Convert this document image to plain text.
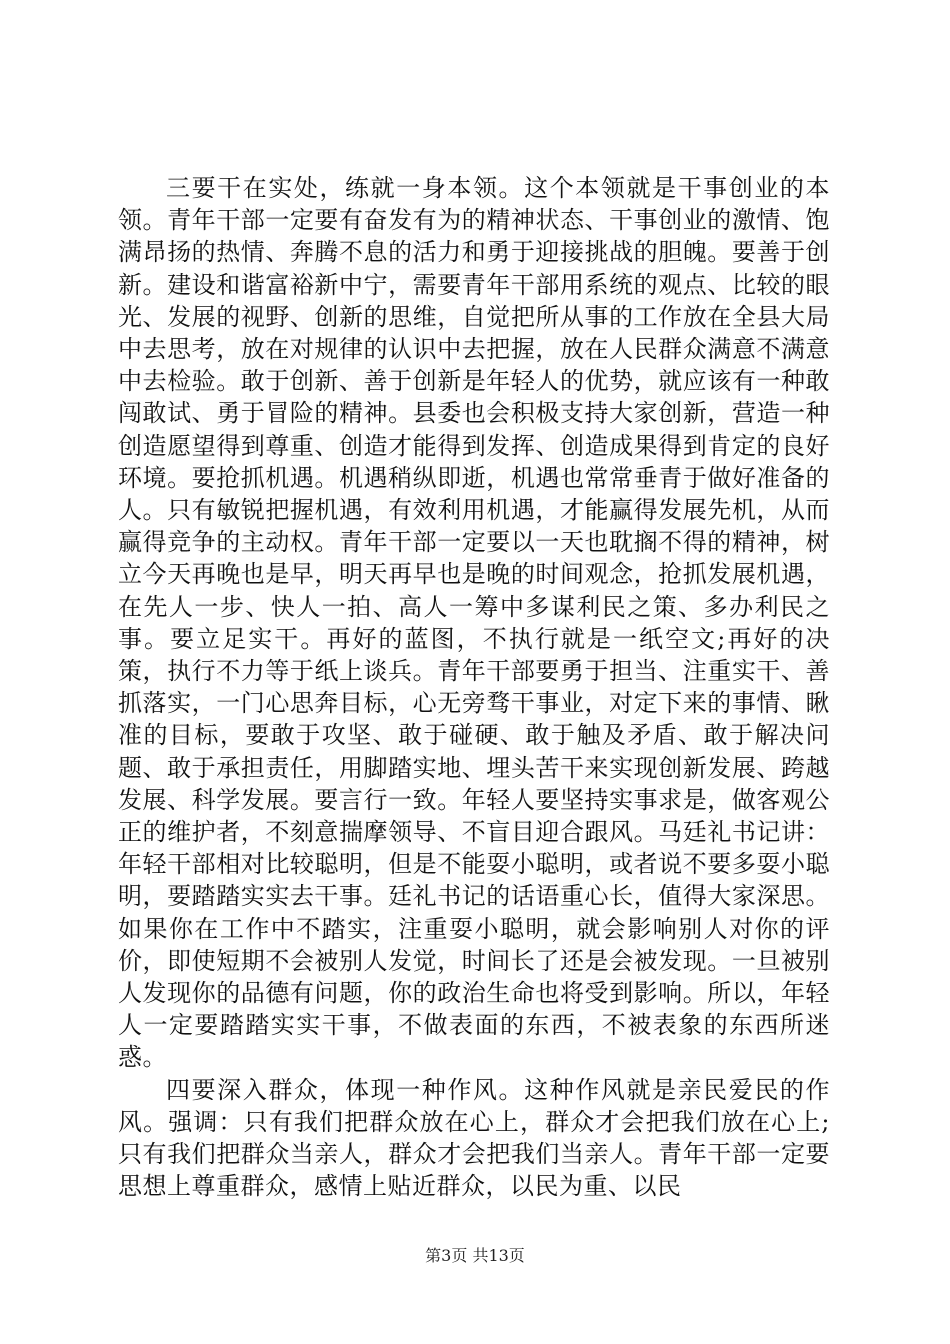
三要干在实处，练就一身本领。这个本领就是干事创业的本领。青年干部一定要有奋发有为的精神状态、干事创业的激情、饱满昂扬的热情、奔腾不息的活力和勇于迎接挑战的胆魄。要善于创新。建设和谐富裕新中宁，需要青年干部用系统的观点、比较的眼光、发展的视野、创新的思维，自觉把所从事的工作放在全县大局中去思考，放在对规律的认识中去把握，放在人民群众满意不满意中去检验。敢于创新、善于创新是年轻人的优势，就应该有一种敢闯敢试、勇于冒险的精神。县委也会积极支持大家创新，营造一种创造愿望得到尊重、创造才能得到发挥、创造成果得到肯定的良好环境。要抢抓机遇。机遇稍纵即逝，机遇也常常垂青于做好准备的人。只有敏锐把握机遇，有效利用机遇，才能赢得发展先机，从而赢得竞争的主动权。青年干部一定要以一天也耽搁不得的精神，树立今天再晚也是早，明天再早也是晚的时间观念，抢抓发展机遇，在先人一步、快人一拍、高人一筹中多谋利民之策、多办利民之事。要立足实干。再好的蓝图，不执行就是一纸空文;再好的决策，执行不力等于纸上谈兵。青年干部要勇于担当、注重实干、善抓落实，一门心思奔目标，心无旁骛干事业，对定下来的事情、瞅准的目标，要敢于攻坚、敢于碰硬、敢于触及矛盾、敢于解决问题、敢于承担责任，用脚踏实地、埋头苦干来实现创新发展、跨越发展、科学发展。要言行一致。年轻人要坚持实事求是，做客观公正的维护者，不刻意揣摩领导、不盲目迎合跟风。马廷礼书记讲：年轻干部相对比较聪明，但是不能耍小聪明，或者说不要多耍小聪明，要踏踏实实去干事。廷礼书记的话语重心长，值得大家深思。如果你在工作中不踏实，注重耍小聪明，就会影响别人对你的评价，即使短期不会被别人发觉，时间长了还是会被发现。一旦被别人发现你的品德有问题，你的政治生命也将受到影响。所以，年轻人一定要踏踏实实干事，不做表面的东西，不被表象的东西所迷惑。

四要深入群众，体现一种作风。这种作风就是亲民爱民的作风。强调：只有我们把群众放在心上，群众才会把我们放在心上;只有我们把群众当亲人，群众才会把我们当亲人。青年干部一定要思想上尊重群众，感情上贴近群众，以民为重、以民

第3页 共13页
